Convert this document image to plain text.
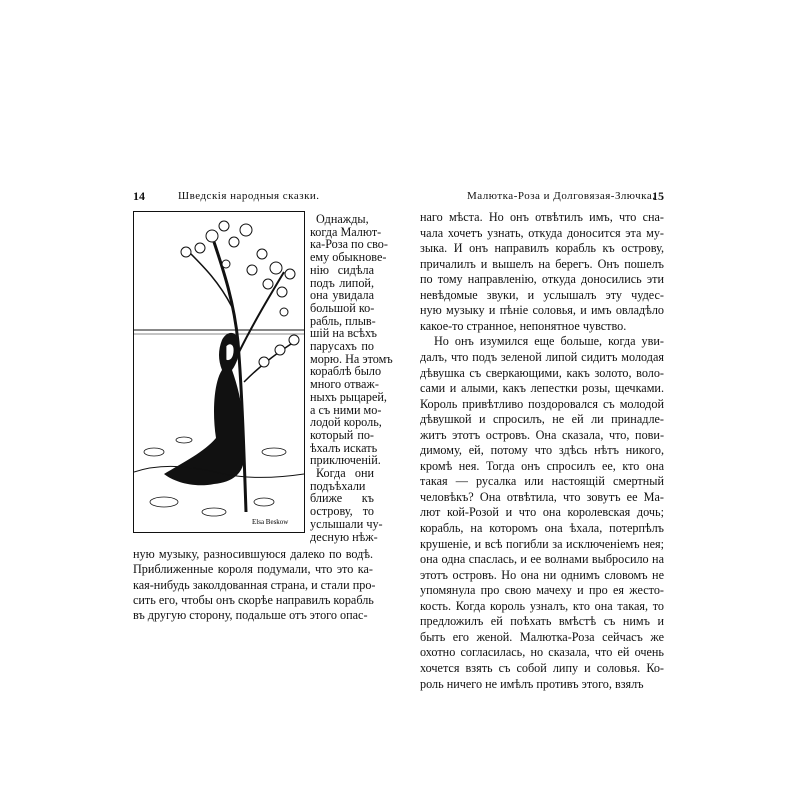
14	Шведскія народныя сказки.
Elsa Beskow
Однажды,
когда Малют-
ка-Роза по сво-
ему обыкнове-
нію сидѣла
подъ липой,
она увидала
большой ко-
рабль, плыв-
шій на всѣхъ
парусахъ по
морю. На этомъ
кораблѣ было
много отваж-
ныхъ рыцарей,
а съ ними мо-
лодой король,
который по-
ѣхалъ искать
приключеній.
Когда они
подъѣхали
ближе къ
острову, то
услышали чу-
десную нѣж-
ную музыку, разносившуюся далеко по водѣ.
Приближенные короля подумали, что это ка-
кая-нибудь заколдованная страна, и стали про-
сить его, чтобы онъ скорѣе направилъ корабль
въ другую сторону, подальше отъ этого опас-
Малютка-Роза и Долговязая-Злючка.
15
наго мѣста. Но онъ отвѣтилъ имъ, что сна-
чала хочетъ узнать, откуда доносится эта му-
зыка. И онъ направилъ корабль къ острову,
причалилъ и вышелъ на берегъ. Онъ пошелъ
по тому направленію, откуда доносились эти
невѣдомые звуки, и услышалъ эту чудес-
ную музыку и пѣніе соловья, и имъ овладѣло
какое-то странное, непонятное чувство.
Но онъ изумился еще больше, когда уви-
далъ, что подъ зеленой липой сидитъ молодая
дѣвушка съ сверкающими, какъ золото, воло-
сами и алыми, какъ лепестки розы, щечками.
Король привѣтливо поздоровался съ молодой
дѣвушкой и спросилъ, не ей ли принадле-
житъ этотъ островъ. Она сказала, что, пови-
димому, ей, потому что здѣсь нѣтъ никого,
кромѣ нея. Тогда онъ спросилъ ее, кто она
такая — русалка или настоящій смертный
человѣкъ? Она отвѣтила, что зовутъ ее Ма-
лют кой-Розой и что она королевская дочь;
корабль, на которомъ она ѣхала, потерпѣлъ
крушеніе, и всѣ погибли за исключеніемъ нея;
она одна спаслась, и ее волнами выбросило на
этотъ островъ. Но она ни однимъ словомъ не
упомянула про свою мачеху и про ея жесто-
кость. Когда король узналъ, кто она такая, то
предложилъ ей поѣхать вмѣстѣ съ нимъ и
быть его женой. Малютка-Роза сейчасъ же
охотно согласилась, но сказала, что ей очень
хочется взять съ собой липу и соловья. Ко-
роль ничего не имѣлъ противъ этого, взялъ
